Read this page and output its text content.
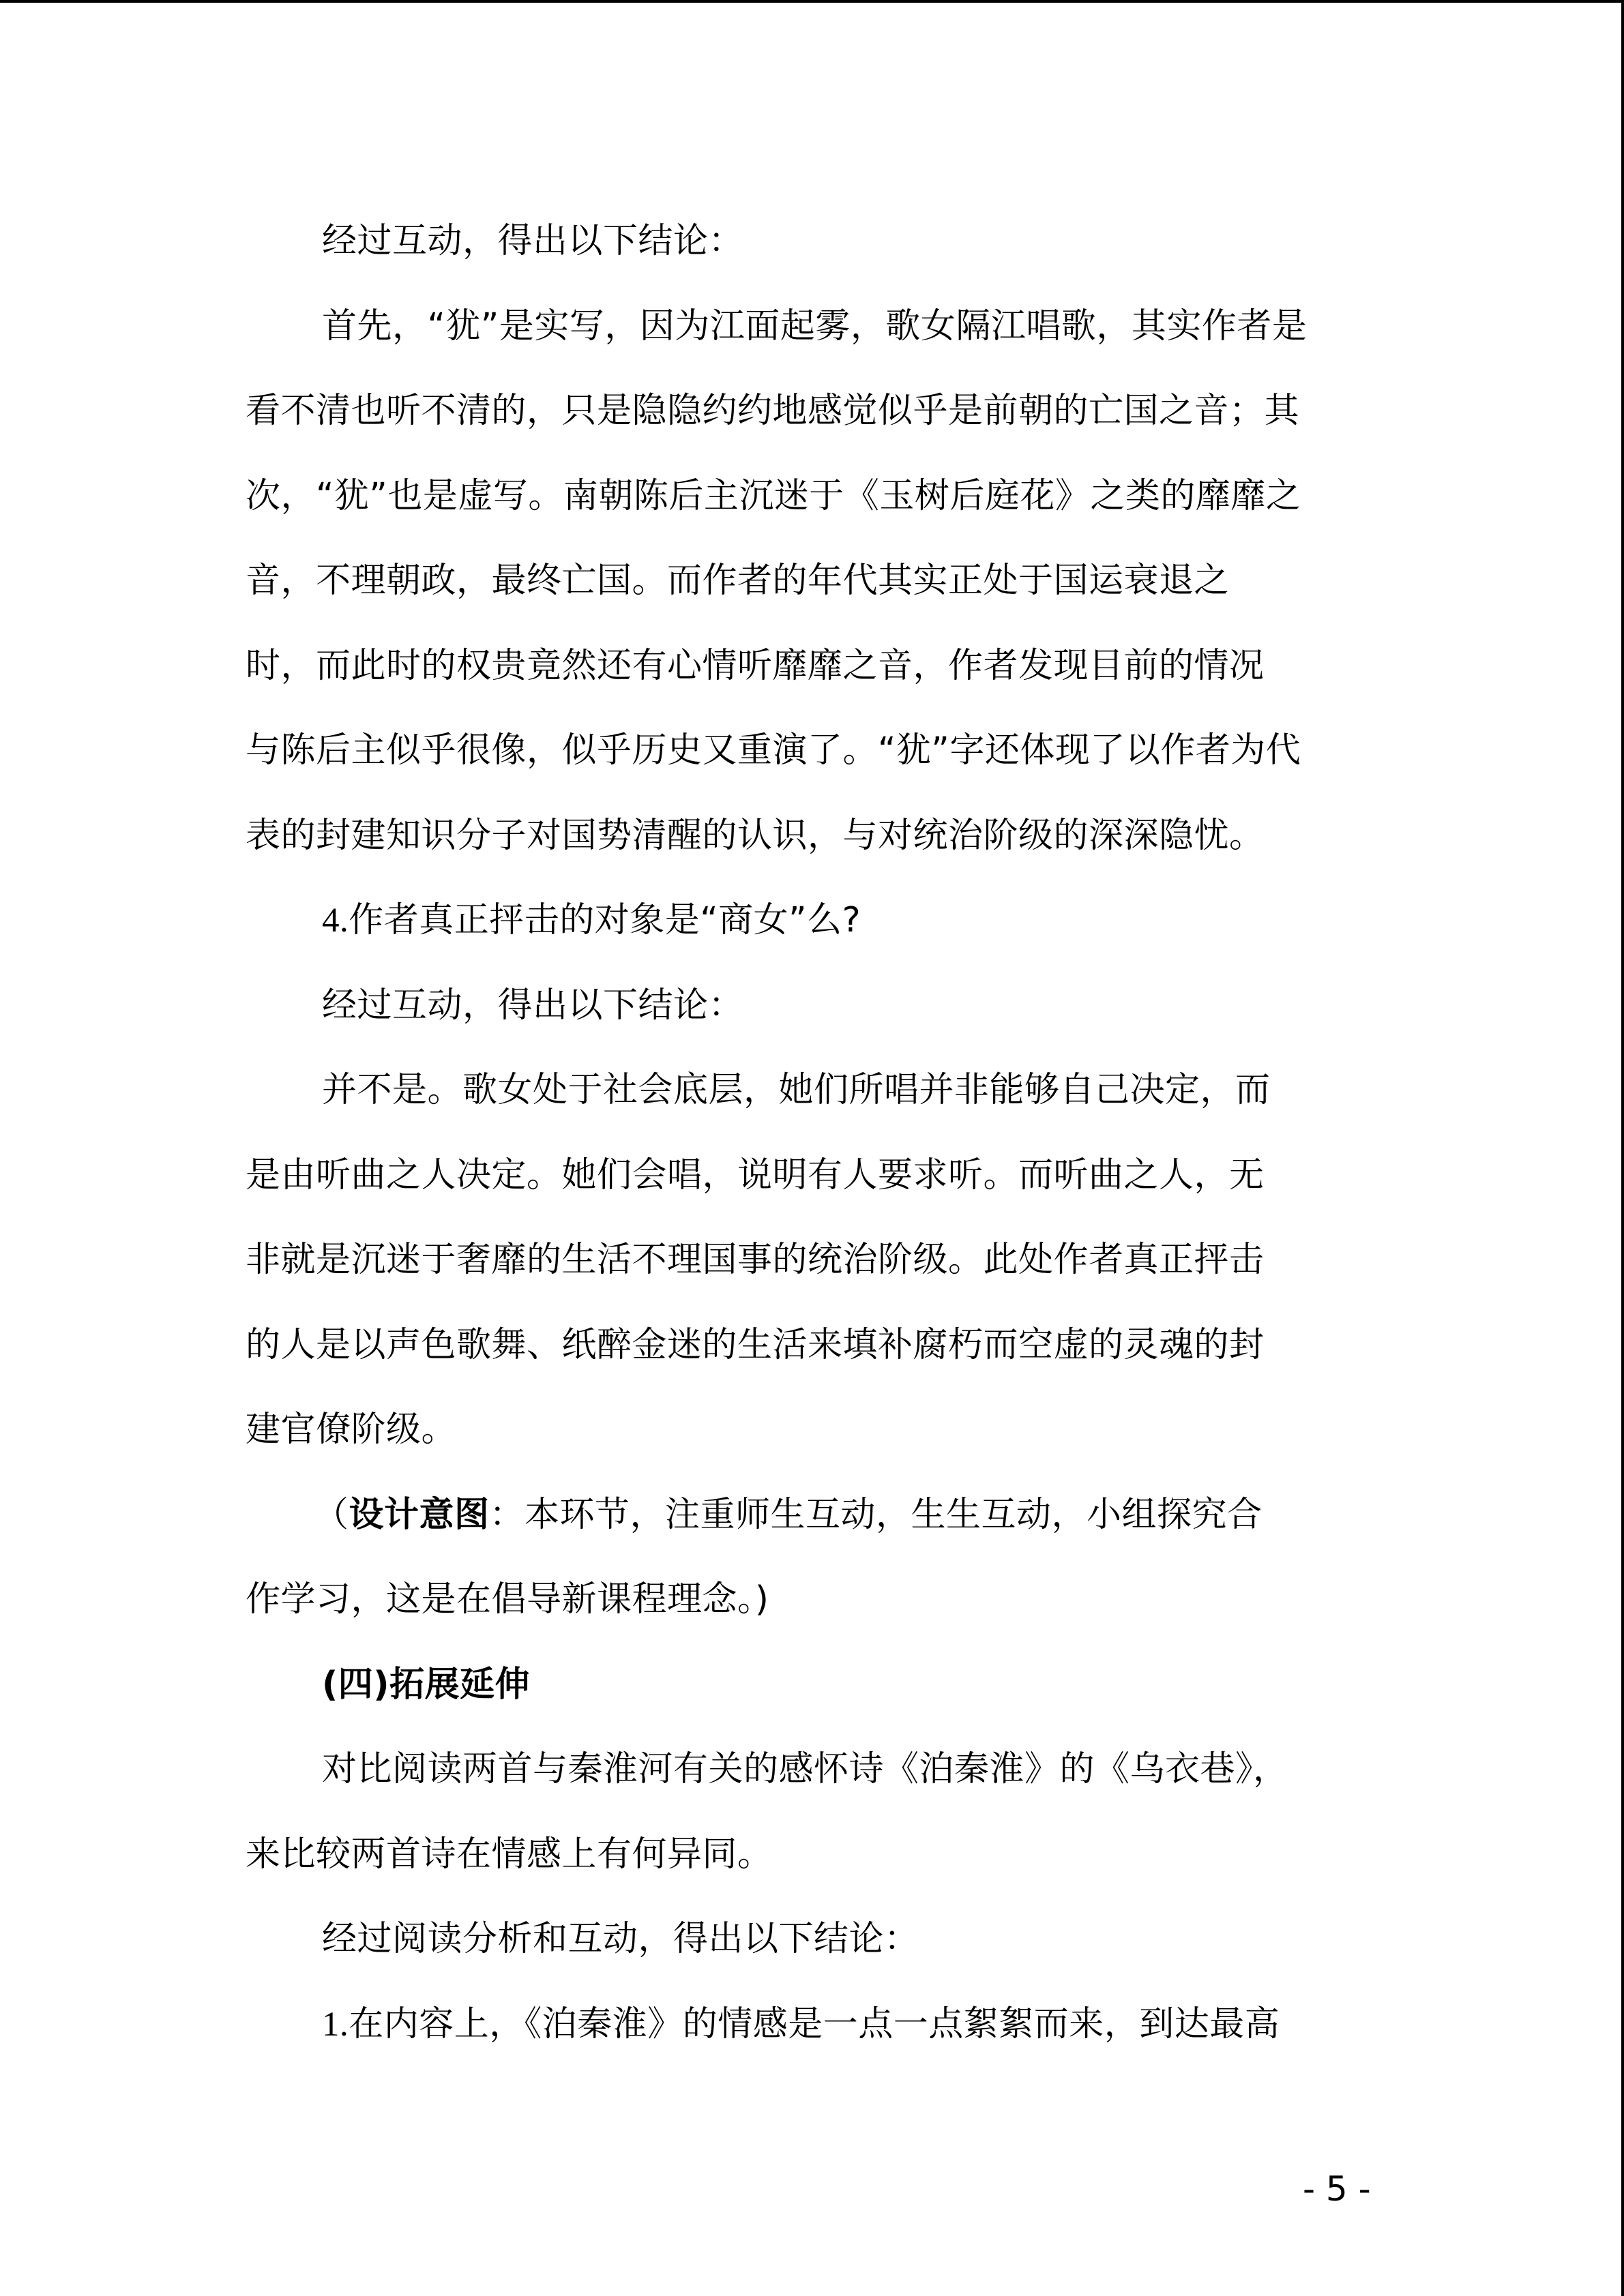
经过互动，得出以下结论：
首先，“犹”是实写，因为江面起雾，歌女隔江唱歌，其实作者是
看不清也听不清的，只是隐隐约约地感觉似乎是前朝的亡国之音；其
次，“犹”也是虚写。南朝陈后主沉迷于《玉树后庭花》之类的靡靡之
音，不理朝政，最终亡国。而作者的年代其实正处于国运衰退之
时，而此时的权贵竟然还有心情听靡靡之音，作者发现目前的情况
与陈后主似乎很像，似乎历史又重演了。“犹”字还体现了以作者为代
表的封建知识分子对国势清醒的认识，与对统治阶级的深深隐忧。
4.作者真正抨击的对象是“商女”么?
经过互动，得出以下结论：
并不是。歌女处于社会底层，她们所唱并非能够自己决定，而
是由听曲之人决定。她们会唱，说明有人要求听。而听曲之人，无
非就是沉迷于奢靡的生活不理国事的统治阶级。此处作者真正抨击
的人是以声色歌舞、纸醉金迷的生活来填补腐朽而空虚的灵魂的封
建官僚阶级。
（设计意图：本环节，注重师生互动，生生互动，小组探究合
作学习，这是在倡导新课程理念。)
(四)拓展延伸
对比阅读两首与秦淮河有关的感怀诗《泊秦淮》的《乌衣巷》，
来比较两首诗在情感上有何异同。
经过阅读分析和互动，得出以下结论：
1.在内容上，《泊秦淮》的情感是一点一点絮絮而来，到达最高
- 5 -
